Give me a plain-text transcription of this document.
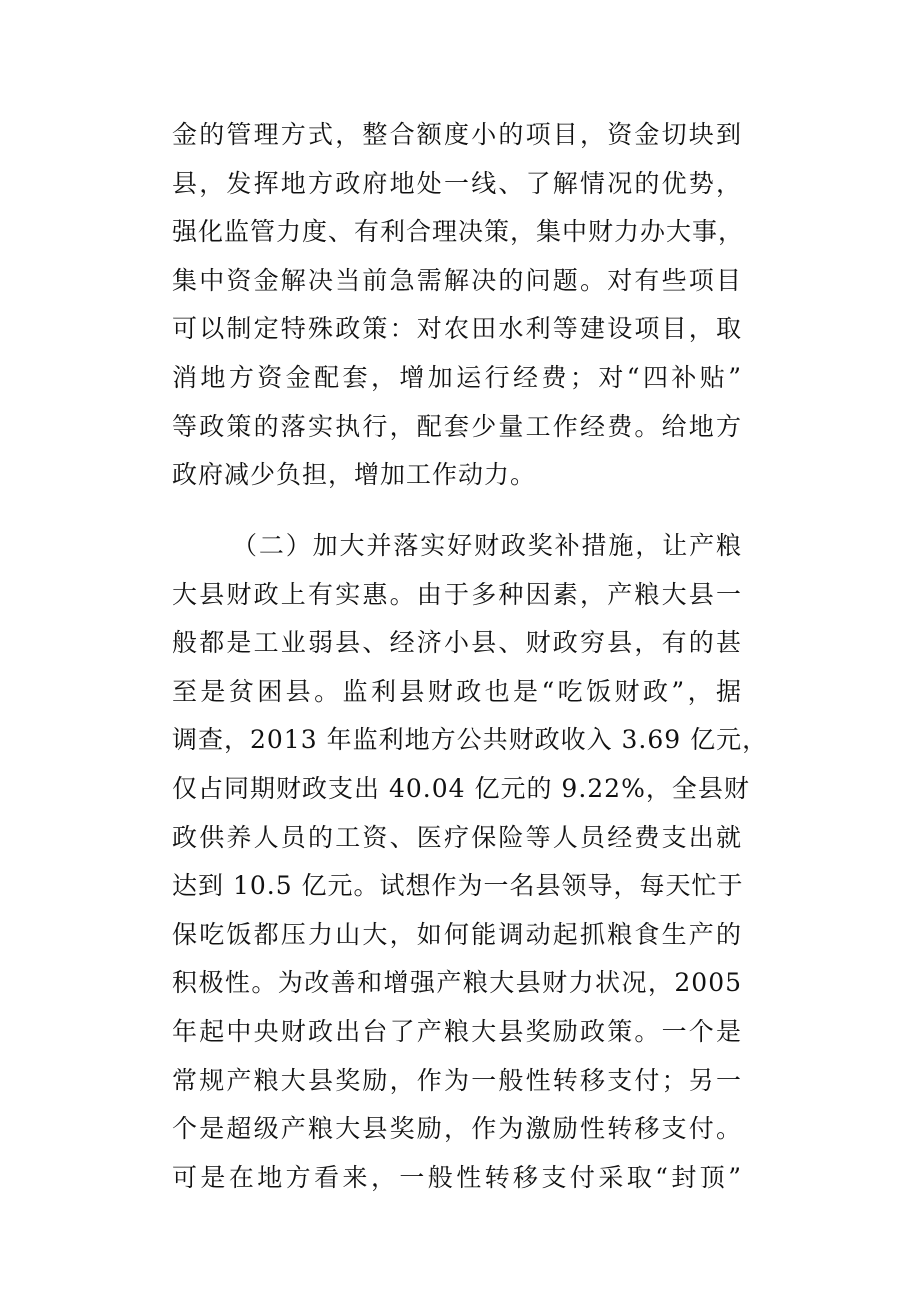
金的管理方式，整合额度小的项目，资金切块到
县，发挥地方政府地处一线、了解情况的优势，
强化监管力度、有利合理决策，集中财力办大事，
集中资金解决当前急需解决的问题。对有些项目
可以制定特殊政策：对农田水利等建设项目，取
消地方资金配套，增加运行经费；对“四补贴”
等政策的落实执行，配套少量工作经费。给地方
政府减少负担，增加工作动力。
（二）加大并落实好财政奖补措施，让产粮
大县财政上有实惠。由于多种因素，产粮大县一
般都是工业弱县、经济小县、财政穷县，有的甚
至是贫困县。监利县财政也是“吃饭财政”，据
调查，2013 年监利地方公共财政收入 3.69 亿元，
仅占同期财政支出 40.04 亿元的 9.22%，全县财
政供养人员的工资、医疗保险等人员经费支出就
达到 10.5 亿元。试想作为一名县领导，每天忙于
保吃饭都压力山大，如何能调动起抓粮食生产的
积极性。为改善和增强产粮大县财力状况，2005
年起中央财政出台了产粮大县奖励政策。一个是
常规产粮大县奖励，作为一般性转移支付；另一
个是超级产粮大县奖励，作为激励性转移支付。
可是在地方看来，一般性转移支付采取“封顶”
